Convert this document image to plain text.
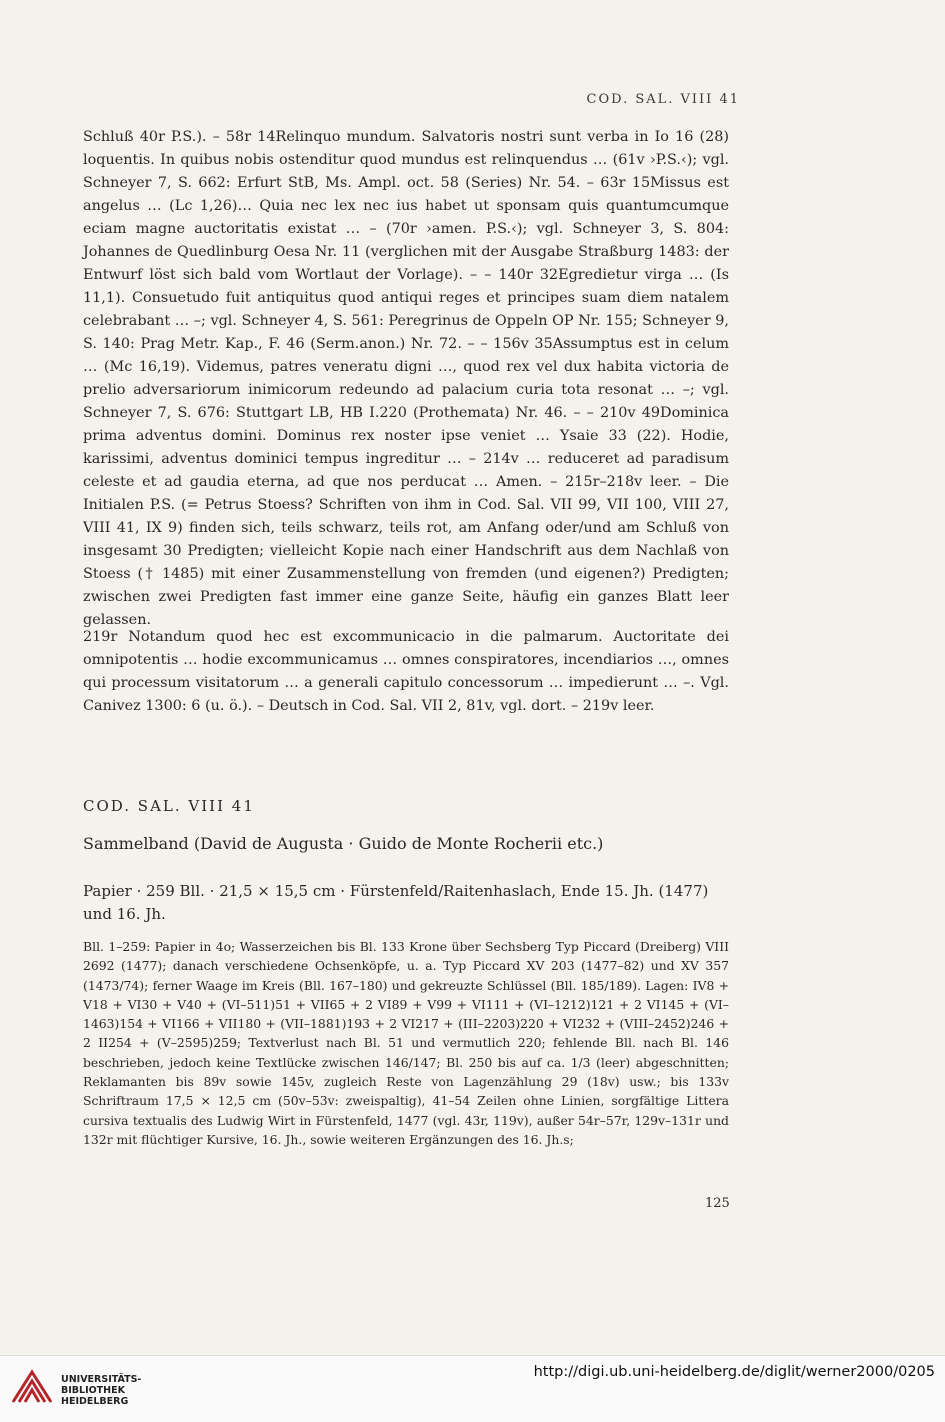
COD. SAL. VIII 41
Schluß 40r P.S.). – 58r 14Relinquo mundum. Salvatoris nostri sunt verba in Io 16 (28) loquentis. In quibus nobis ostenditur quod mundus est relinquendus … (61v ›P.S.‹); vgl. Schneyer 7, S. 662: Erfurt StB, Ms. Ampl. oct. 58 (Series) Nr. 54. – 63r 15Missus est angelus … (Lc 1,26)… Quia nec lex nec ius habet ut sponsam quis quantumcumque eciam magne auctoritatis existat … – (70r ›amen. P.S.‹); vgl. Schneyer 3, S. 804: Johannes de Quedlinburg Oesa Nr. 11 (verglichen mit der Ausgabe Straßburg 1483: der Entwurf löst sich bald vom Wortlaut der Vorlage). – – 140r 32Egredietur virga … (Is 11,1). Consuetudo fuit antiquitus quod antiqui reges et principes suam diem natalem celebrabant … –; vgl. Schneyer 4, S. 561: Peregrinus de Oppeln OP Nr. 155; Schneyer 9, S. 140: Prag Metr. Kap., F. 46 (Serm.anon.) Nr. 72. – – 156v 35Assumptus est in celum … (Mc 16,19). Videmus, patres veneratu digni …, quod rex vel dux habita victoria de prelio adversariorum inimicorum redeundo ad palacium curia tota resonat … –; vgl. Schneyer 7, S. 676: Stuttgart LB, HB I.220 (Prothemata) Nr. 46. – – 210v 49Dominica prima adventus domini. Dominus rex noster ipse veniet … Ysaie 33 (22). Hodie, karissimi, adventus dominici tempus ingreditur … – 214v … reduceret ad paradisum celeste et ad gaudia eterna, ad que nos perducat … Amen. – 215r–218v leer. – Die Initialen P.S. (= Petrus Stoess? Schriften von ihm in Cod. Sal. VII 99, VII 100, VIII 27, VIII 41, IX 9) finden sich, teils schwarz, teils rot, am Anfang oder/und am Schluß von insgesamt 30 Predigten; vielleicht Kopie nach einer Handschrift aus dem Nachlaß von Stoess († 1485) mit einer Zusammenstellung von fremden (und eigenen?) Predigten; zwischen zwei Predigten fast immer eine ganze Seite, häufig ein ganzes Blatt leer gelassen.
219r Notandum quod hec est excommunicacio in die palmarum. Auctoritate dei omnipotentis … hodie excommunicamus … omnes conspiratores, incendiarios …, omnes qui processum visitatorum … a generali capitulo concessorum … impedierunt … –. Vgl. Canivez 1300: 6 (u. ö.). – Deutsch in Cod. Sal. VII 2, 81v, vgl. dort. – 219v leer.
COD. SAL. VIII 41
Sammelband (David de Augusta · Guido de Monte Rocherii etc.)
Papier · 259 Bll. · 21,5 × 15,5 cm · Fürstenfeld/Raitenhaslach, Ende 15. Jh. (1477) und 16. Jh.
Bll. 1–259: Papier in 4o; Wasserzeichen bis Bl. 133 Krone über Sechsberg Typ Piccard (Dreiberg) VIII 2692 (1477); danach verschiedene Ochsenköpfe, u. a. Typ Piccard XV 203 (1477–82) und XV 357 (1473/74); ferner Waage im Kreis (Bll. 167–180) und gekreuzte Schlüssel (Bll. 185/189). Lagen: IV8 + V18 + VI30 + V40 + (VI–511)51 + VII65 + 2 VI89 + V99 + VI111 + (VI–1212)121 + 2 VI145 + (VI–1463)154 + VI166 + VII180 + (VII–1881)193 + 2 VI217 + (III–2203)220 + VI232 + (VIII–2452)246 + 2 II254 + (V–2595)259; Textverlust nach Bl. 51 und vermutlich 220; fehlende Bll. nach Bl. 146 beschrieben, jedoch keine Textlücke zwischen 146/147; Bl. 250 bis auf ca. 1/3 (leer) abgeschnitten; Reklamanten bis 89v sowie 145v, zugleich Reste von Lagenzählung 29 (18v) usw.; bis 133v Schriftraum 17,5 × 12,5 cm (50v–53v: zweispaltig), 41–54 Zeilen ohne Linien, sorgfältige Littera cursiva textualis des Ludwig Wirt in Fürstenfeld, 1477 (vgl. 43r, 119v), außer 54r–57r, 129v–131r und 132r mit flüchtiger Kursive, 16. Jh., sowie weiteren Ergänzungen des 16. Jh.s;
125
UNIVERSITÄTS-
BIBLIOTHEK
HEIDELBERG
http://digi.ub.uni-heidelberg.de/diglit/werner2000/0205
